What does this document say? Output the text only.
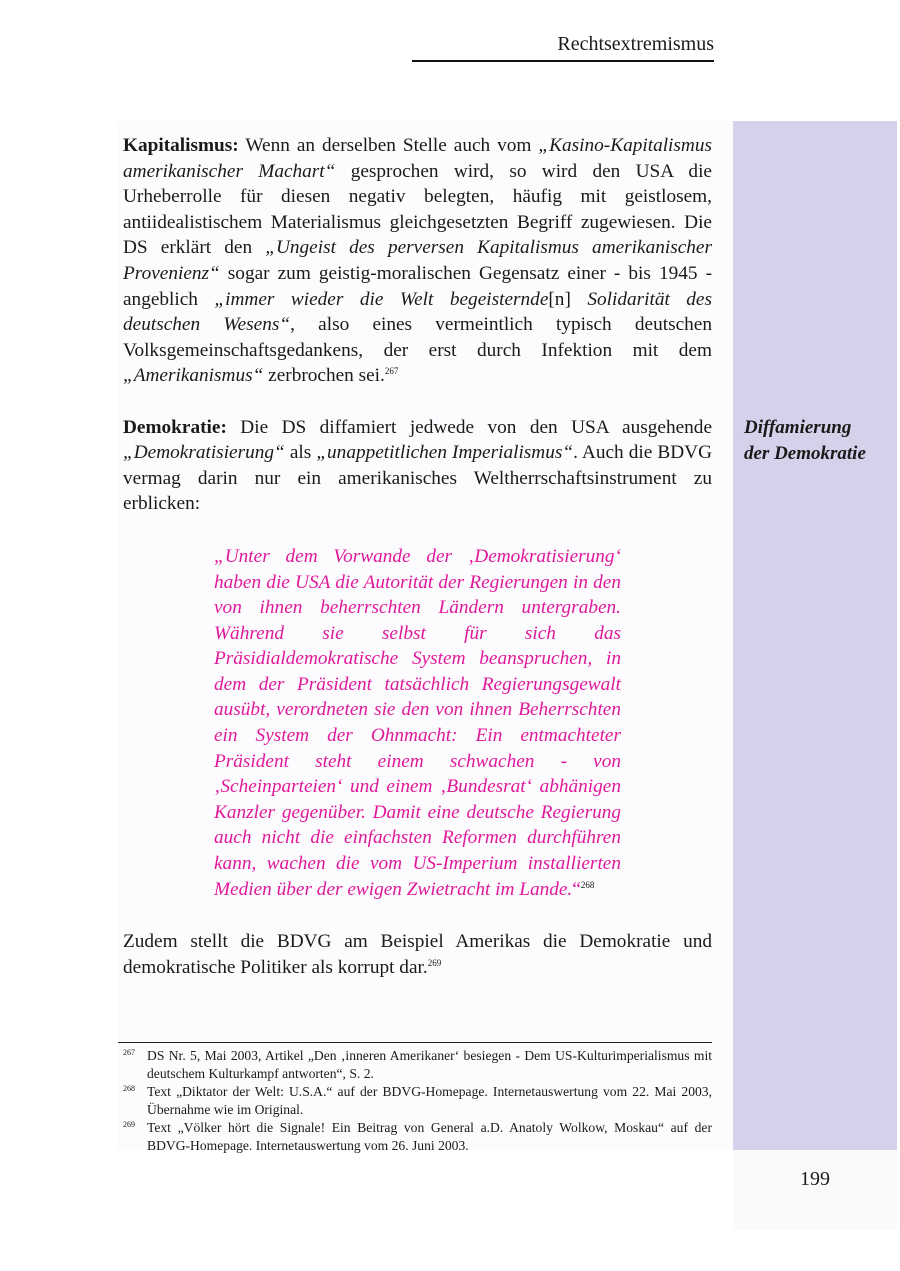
Rechtsextremismus

Kapitalismus: Wenn an derselben Stelle auch vom „Kasino-Kapitalismus amerikanischer Machart“ gesprochen wird, so wird den USA die Urheberrolle für diesen negativ belegten, häufig mit geistlosem, antiidealistischem Materialismus gleichgesetzten Begriff zugewiesen. Die DS erklärt den „Ungeist des perversen Kapitalismus amerikanischer Provenienz“ sogar zum geistig-moralischen Gegensatz einer - bis 1945 - angeblich „immer wieder die Welt begeisternde[n] Solidarität des deutschen Wesens“, also eines vermeintlich typisch deutschen Volksgemeinschaftsgedankens, der erst durch Infektion mit dem „Amerikanismus“ zerbrochen sei.$^{267}$

Demokratie: Die DS diffamiert jedwede von den USA ausgehende „Demokratisierung“ als „unappetitlichen Imperialismus“. Auch die BDVG vermag darin nur ein amerikanisches Weltherrschaftsinstrument zu erblicken:

„Unter dem Vorwande der ‚Demokratisierung‘ haben die USA die Autorität der Regierungen in den von ihnen beherrschten Ländern untergraben. Während sie selbst für sich das Präsidialdemokratische System beanspruchen, in dem der Präsident tatsächlich Regierungsgewalt ausübt, verordneten sie den von ihnen Beherrschten ein System der Ohnmacht: Ein entmachteter Präsident steht einem schwachen - von ‚Scheinparteien‘ und einem ‚Bundesrat‘ abhänigen Kanzler gegenüber. Damit eine deutsche Regierung auch nicht die einfachsten Reformen durchführen kann, wachen die vom US-Imperium installierten Medien über der ewigen Zwietracht im Lande.“$^{268}$

Zudem stellt die BDVG am Beispiel Amerikas die Demokratie und demokratische Politiker als korrupt dar.$^{269}$

Diffamierung
der Demokratie

267 DS Nr. 5, Mai 2003, Artikel „Den ‚inneren Amerikaner‘ besiegen - Dem US-Kulturimperialismus mit deutschem Kulturkampf antworten“, S. 2.

268 Text „Diktator der Welt: U.S.A.“ auf der BDVG-Homepage. Internetauswertung vom 22. Mai 2003, Übernahme wie im Original.

269 Text „Völker hört die Signale! Ein Beitrag von General a.D. Anatoly Wolkow, Moskau“ auf der BDVG-Homepage. Internetauswertung vom 26. Juni 2003.

199
